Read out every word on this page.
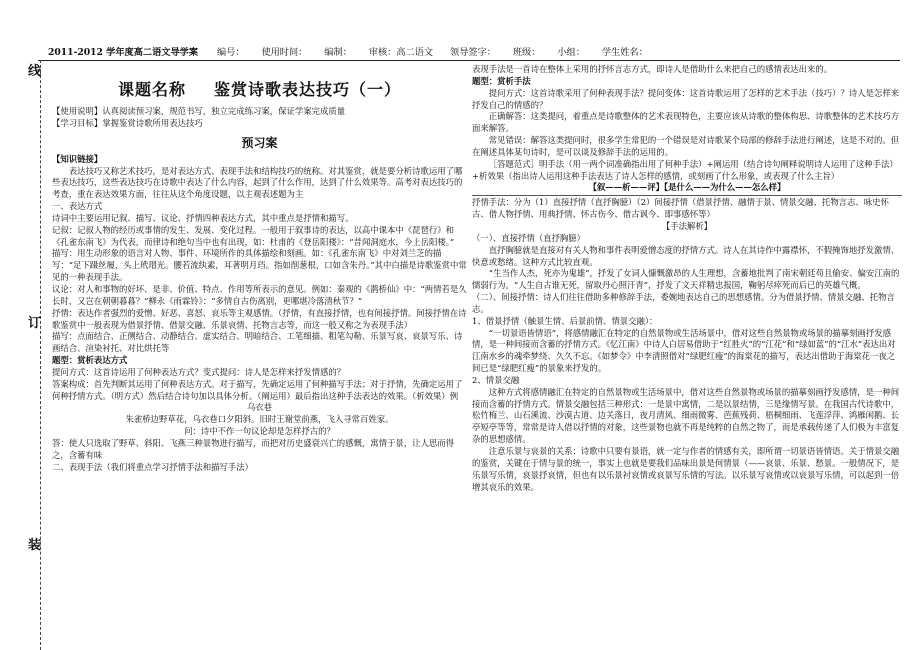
2011-2012 学年度高二语文导学案 编号： 使用时间： 编制： 审核：高二语文 领导签字： 班级： 小组： 学生姓名：
线
订
装
课题名称 鉴赏诗歌表达技巧（一）

【使用说明】认真阅读预习案，规范书写，独立完成练习案，保证学案完成质量

【学习目标】掌握鉴赏诗歌所用表达技巧

预习案

【知识链接】

表达技巧又称艺术技巧，是对表达方式、表现手法和结构技巧的统称。对其鉴赏，就是要分析诗歌运用了哪些表达技巧，这些表达技巧在诗歌中表达了什么内容，起到了什么作用，达到了什么效果等。高考对表达技巧的考查，重在表达效果方面，往往从这个角度设题，以主观表述题为主

一、表达方式

诗词中主要运用记叙、描写、议论、抒情四种表达方式，其中重点是抒情和描写。

记叙：记叙人物的经历或事情的发生、发展、变化过程。一般用于叙事诗的表达，以高中课本中《琵琶行》和《孔雀东南飞》为代表，而律诗和绝句当中也有出现，如：杜甫的《登岳阳楼》：“昔闻洞庭水，今上岳阳楼。”

描写：用生动形象的语言对人物、事件、环境所作的具体描绘和刻画。如：《孔雀东南飞》中对刘兰芝的描写：“足下蹑丝履，头上玳瑁光。腰若流纨素，耳著明月珰。指如削葱根，口如含朱丹。”其中白描是诗歌鉴赏中常见的一种表现手法。

议论：对人和事物的好坏、是非、价值、特点、作用等所表示的意见。例如：秦观的《鹊桥仙》中：“两情若是久长时，又岂在朝朝暮暮？”柳永《雨霖铃》：“多情自古伤离别，更哪堪冷落清秋节？”

抒情：表达作者强烈的爱憎、好恶、喜怒、哀乐等主观感情。（抒情，有直接抒情，也有间接抒情。间接抒情在诗歌鉴赏中一般表现为借景抒情、借景交融、乐景哀情、托物言志等，而这一般又称之为表现手法）

描写：点面结合、正侧结合、动静结合、虚实结合、明暗结合、工笔细描、粗笔勾勒、乐景写哀、哀景写乐、诗画结合、渲染衬托、对比烘托等

题型：赏析表达方式

提问方式：这首诗运用了何种表达方式？变式提问：诗人是怎样来抒发情感的？

答案构成：首先判断其运用了何种表达方式。对于描写，先确定运用了何种描写手法；对于抒情，先确定运用了何种抒情方式。（明方式）然后结合诗句加以具体分析。（阐运用）最后指出这种手法表达的效果。（析效果）例

乌衣巷

朱雀桥边野草花，乌衣巷口夕阳斜。旧时王谢堂前燕，飞入寻常百姓家。

问：诗中不作一句议论却是怎样抒古的？

答：使人只选取了野草、斜阳、飞燕三种景物进行描写，而把对历史盛衰兴亡的感慨，寓情于景，让人思而得之，含蓄有味

二、表现手法（我们将重点学习抒情手法和描写手法）

表现手法是一首诗在整体上采用的抒怀言志方式，即诗人是借助什么来把自己的感情表达出来的。

题型：赏析手法

提问方式：这首诗歌采用了何种表现手法？提问变体：这首诗歌运用了怎样的艺术手法（技巧）？诗人是怎样来抒发自己的情感的？

正确解答：这类提问，着重点是诗歌整体的艺术表现特色，主要应该从诗歌的整体构思、诗歌整体的艺术技巧方面来解答。

常见错误：解答这类提问时，很多学生常犯的一个错误是对诗歌某个局部的修辞手法进行阐述，这是不对的。但在阐述具体某句诗时，是可以谈及修辞手法的运用的。

［答题范式］明手法（用一两个词准确指出用了何种手法）+阐运用（结合诗句阐释说明诗人运用了这种手法）+析效果（指出诗人运用这种手法表达了诗人怎样的感情，或刻画了什么形象，或表现了什么主旨）

【叙——析——评】【是什么——为什么——怎么样】

抒情手法：分为（1）直接抒情（直抒胸臆）（2）间接抒情（借景抒情、融情于景、情景交融、托物言志、咏史怀古、借人物抒情、用典抒情、怀古伤今、借古讽今、即事感怀等）

【手法解析】

（一）、直接抒情（直抒胸臆）

直抒胸臆就是直接对有关人物和事件表明爱憎态度的抒情方式。诗人在其诗作中露襟怀，不假掩饰地抒发激情、快意或愁绪。这种方式比较直观。

“生当作人杰，死亦为鬼雄”，抒发了女词人慷慨激昂的人生理想，含蓄地批判了南宋朝廷苟且偷安、偏安江南的懦弱行为。“人生自古谁无死，留取丹心照汗青”，抒发了文天祥精忠报国，鞠躬尽瘁死而后已的英雄气概。

（二）、间接抒情：诗人们往往借助多种修辞手法，委婉地表达自己的思想感情。分为借景抒情、情景交融、托物言志。

1、借景抒情（触景生情、后景前情、情景交融）：

“一切景语皆情语”，将感情融汇在特定的自然景物或生活场景中，借对这些自然景物或场景的描摹刻画抒发感情，是一种间接而含蓄的抒情方式。《忆江南》中诗人白居易借助于“红胜火”的“江花”和“绿如蓝”的“江水”表达出对江南水乡的魂牵梦绕、久久不忘。《如梦令》中李清照借对“绿肥红瘦”的海棠花的描写，表达出借助于海棠花一夜之间已是“绿肥红瘦”的景象来抒发的。

2、情景交融

这种方式将感情融汇在特定的自然景物或生活场景中，借对这些自然景物或场景的描摹刻画抒发感情，是一种间接而含蓄的抒情方式。情景交融包括三种形式：一是景中寓情，二是以景结情，三是缘情写景。在我国古代诗歌中，松竹梅兰、山石溪流、沙漠古道、边关落日，夜月清风、细雨微雾、芭蕉残荷、梧桐细雨、飞莲浮萍、鸿雁闲鹅、长亭短亭等等，常常是诗人借以抒情的对象，这些景物也就不再是纯粹的自然之物了，而是承载传递了人们极为丰富复杂的思想感情。

注意乐景与哀景的关系：诗歌中只要有景语，就一定与作者的情感有关，即所谓一切景语皆情语。关于情景交融的鉴赏，关键在于情与景的统一，事实上也就是要我们品味出景是何情景（——哀景、乐景、愁景。一般情况下，是乐景写乐情，哀景抒哀情，但也有以乐景衬哀情或哀景写乐情的写法。以乐景写哀情或以哀景写乐情，可以起到一倍增其哀乐的效果。
